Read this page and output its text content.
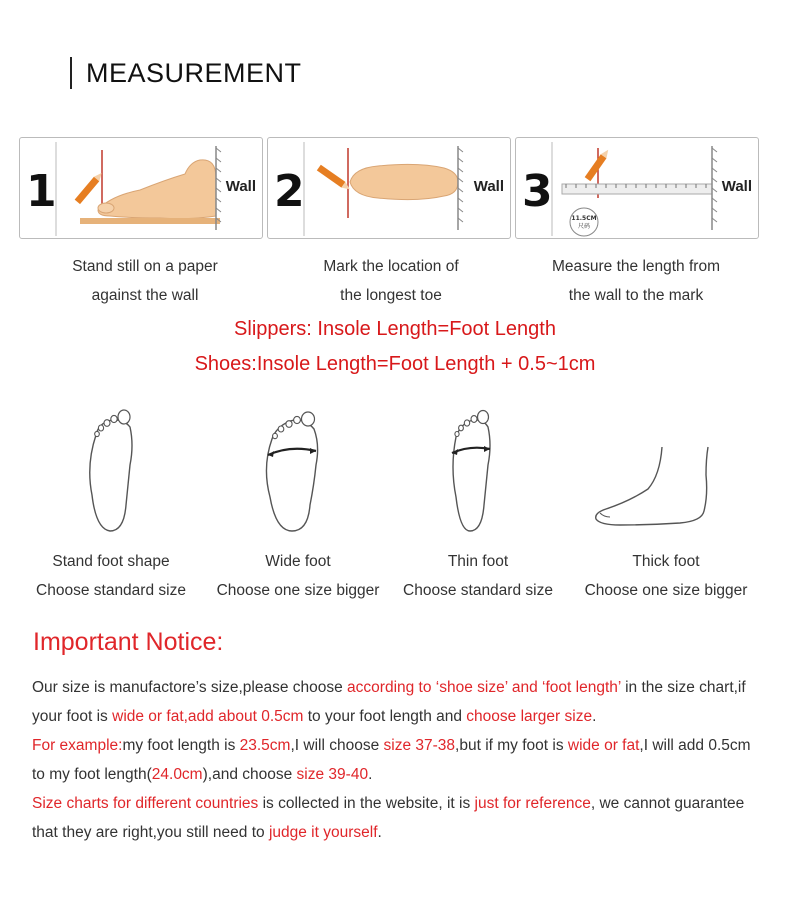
MEASUREMENT
1	Wall 2	Wall
11.5CM
尺码
3	Wall
Stand still on a paper
against the wall
Mark the location of
the longest toe
Measure the length from
the wall to the mark
Slippers: Insole Length=Foot Length
Shoes:Insole Length=Foot Length + 0.5~1cm
Stand foot shape
Choose standard size
Wide foot
Choose one size bigger
Thin foot
Choose standard size
Thick foot
Choose one size bigger
Important Notice:
Our size is manufactore’s size,please choose according to ‘shoe size’ and ‘foot length’ in the size chart,if your foot is wide or fat,add about 0.5cm to your foot length and choose larger size.
For example:my foot length is 23.5cm,I will choose size 37-38,but if my foot is wide or fat,I will add 0.5cm to my foot length(24.0cm),and choose size 39-40.
Size charts for different countries is collected in the website, it is just for reference, we cannot guarantee that they are right,you still need to judge it yourself.
